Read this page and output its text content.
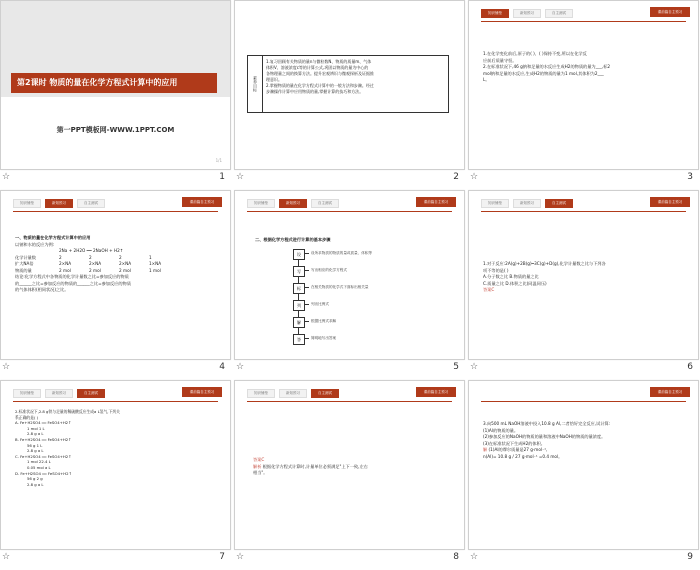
第2课时 物质的量在化学方程式计算中的应用
第一PPT模板网-WWW.1PPT.COM
1/1
☆	1
素养目标
1.复习回顾有关物质的量n与微粒数N、物质的质量m、气体
体积V、溶液浓度c等的计算公式,巩固以物质的量为中心的
各物理量之间的换算方法。提升宏观辨识与微观探析及证据推
理意识。
2.掌握物质的量在化学方程式计算中的一般方法和步骤。经过
步骤操作计算中应用物质的量,掌握计算的技巧和方法。
☆	2
知识铺垫	新知预习	自主测试	课前篇自主预习
1.在化学变化前后,原子的( )、( )保持不变,所以在化学反
应前后质量守恒。
2.在标准状况下,46 g钠和足量的水反应生成H2的物质的量为___,标2
mol钠和足量的水反应,生成H2的物质的量为1 mol,其体积为2___
L。
☆	3
知识铺垫	新知预习	自主测试	课前篇自主预习
一、物质的量在化学方程式计算中的应用
以钠和水的反应为例:
2Na + 2H2O ══ 2NaOH + H2↑
化学计量数	2	2	2	1
扩大NA倍	2×NA	2×NA	2×NA	1×NA
物质的量	2 mol	2 mol	2 mol	1 mol
结论:化学方程式中各物质的化学计量数之比=参加反应的物质
的______之比=参加反应的物质的______之比=参加反应的物质
的气体体积(相同状况)之比。
☆	4
知识铺垫	新知预习	自主测试	课前篇自主预习
二、根据化学方程式进行计算的基本步骤
设	设所求物质的物质的量或质量、体积等
写	写出相应的化学方程式
标	在相关物质的化学式下面标出相关量
列	列出比例式
解	根据比例式求解
答	简明地写出答案
☆	5
知识铺垫	新知预习	自主测试	课前篇自主预习
1.对于反应:2A(g)+2B(g)═3C(g)+D(g),化学计量数之比与下列各
项不等的是( )
A.分子数之比 B.物质的量之比
C.质量之比 D.体积之比(同温同压)
答案C
☆	6
知识铺垫	新知预习	自主测试	课前篇自主预习
2.标准状况下,2.8 g铁与足量的稀硫酸反应生成a L氢气,下列关
系正确的是( )
A. Fe+H2SO4 ══ FeSO4+H2↑
1 mol 1 L
2.8 g a L
B. Fe+H2SO4 ══ FeSO4+H2↑
56 g 1 L
2.8 g a L
C. Fe+H2SO4 ══ FeSO4+H2↑
1 mol 22.4 L
0.05 mol a L
D. Fe+H2SO4 ══ FeSO4+H2↑
56 g 2 g
2.8 g a L
☆	7
知识铺垫	新知预习	自主测试	课前篇自主预习
答案C
解析 根据化学方程式计算时,计量单位必须满足"上下一致,左右
相当"。
☆	8
课前篇自主预习
3.向500 mL NaOH溶液中投入10.8 g Al,二者恰好完全反应,试计算:
(1)Al的物质的量。
(2)参加反应的NaOH的物质的量和溶液中NaOH的物质的量浓度。
(3)在标准状况下生成H2的体积。
解 (1)Al的摩尔质量是27 g·mol⁻¹,
n(Al)= 10.8 g / 27 g·mol⁻¹ =0.4 mol。
☆	9
